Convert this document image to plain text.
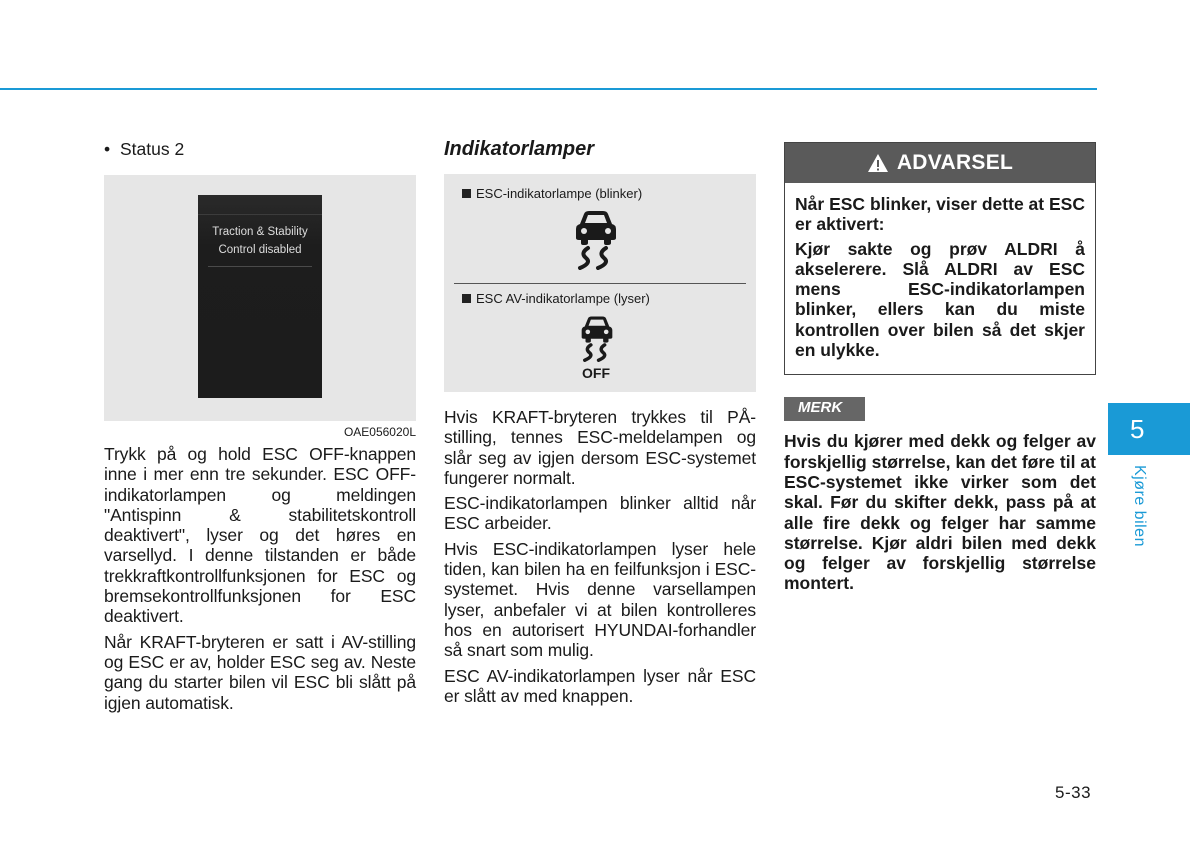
• Status 2
Traction & Stability
Control disabled
OAE056020L

Trykk på og hold ESC OFF-knappen inne i mer enn tre sekunder. ESC OFF-indikatorlampen og meldingen "Antispinn & stabilitetskontroll deaktivert", lyser og det høres en varsellyd. I denne tilstanden er både trekkraftkontrollfunksjonen for ESC og bremsekontrollfunksjonen for ESC deaktivert.

Når KRAFT-bryteren er satt i AV-stilling og ESC er av, holder ESC seg av. Neste gang du starter bilen vil ESC bli slått på igjen automatisk.

Indikatorlamper
ESC-indikatorlampe (blinker)
ESC AV-indikatorlampe (lyser)
OFF

Hvis KRAFT-bryteren trykkes til PÅ-stilling, tennes ESC-meldelampen og slår seg av igjen dersom ESC-systemet fungerer normalt.

ESC-indikatorlampen blinker alltid når ESC arbeider.

Hvis ESC-indikatorlampen lyser hele tiden, kan bilen ha en feilfunksjon i ESC-systemet. Hvis denne varsellampen lyser, anbefaler vi at bilen kontrolleres hos en autorisert HYUNDAI-forhandler så snart som mulig.

ESC AV-indikatorlampen lyser når ESC er slått av med knappen.

ADVARSEL

Når ESC blinker, viser dette at ESC er aktivert:

Kjør sakte og prøv ALDRI å akselerere. Slå ALDRI av ESC mens ESC-indikatorlampen blinker, ellers kan du miste kontrollen over bilen så det skjer en ulykke.

MERK

Hvis du kjører med dekk og felger av forskjellig størrelse, kan det føre til at ESC-systemet ikke virker som det skal. Før du skifter dekk, pass på at alle fire dekk og felger har samme størrelse. Kjør aldri bilen med dekk og felger av forskjellig størrelse montert.

5
Kjøre bilen
5-33
